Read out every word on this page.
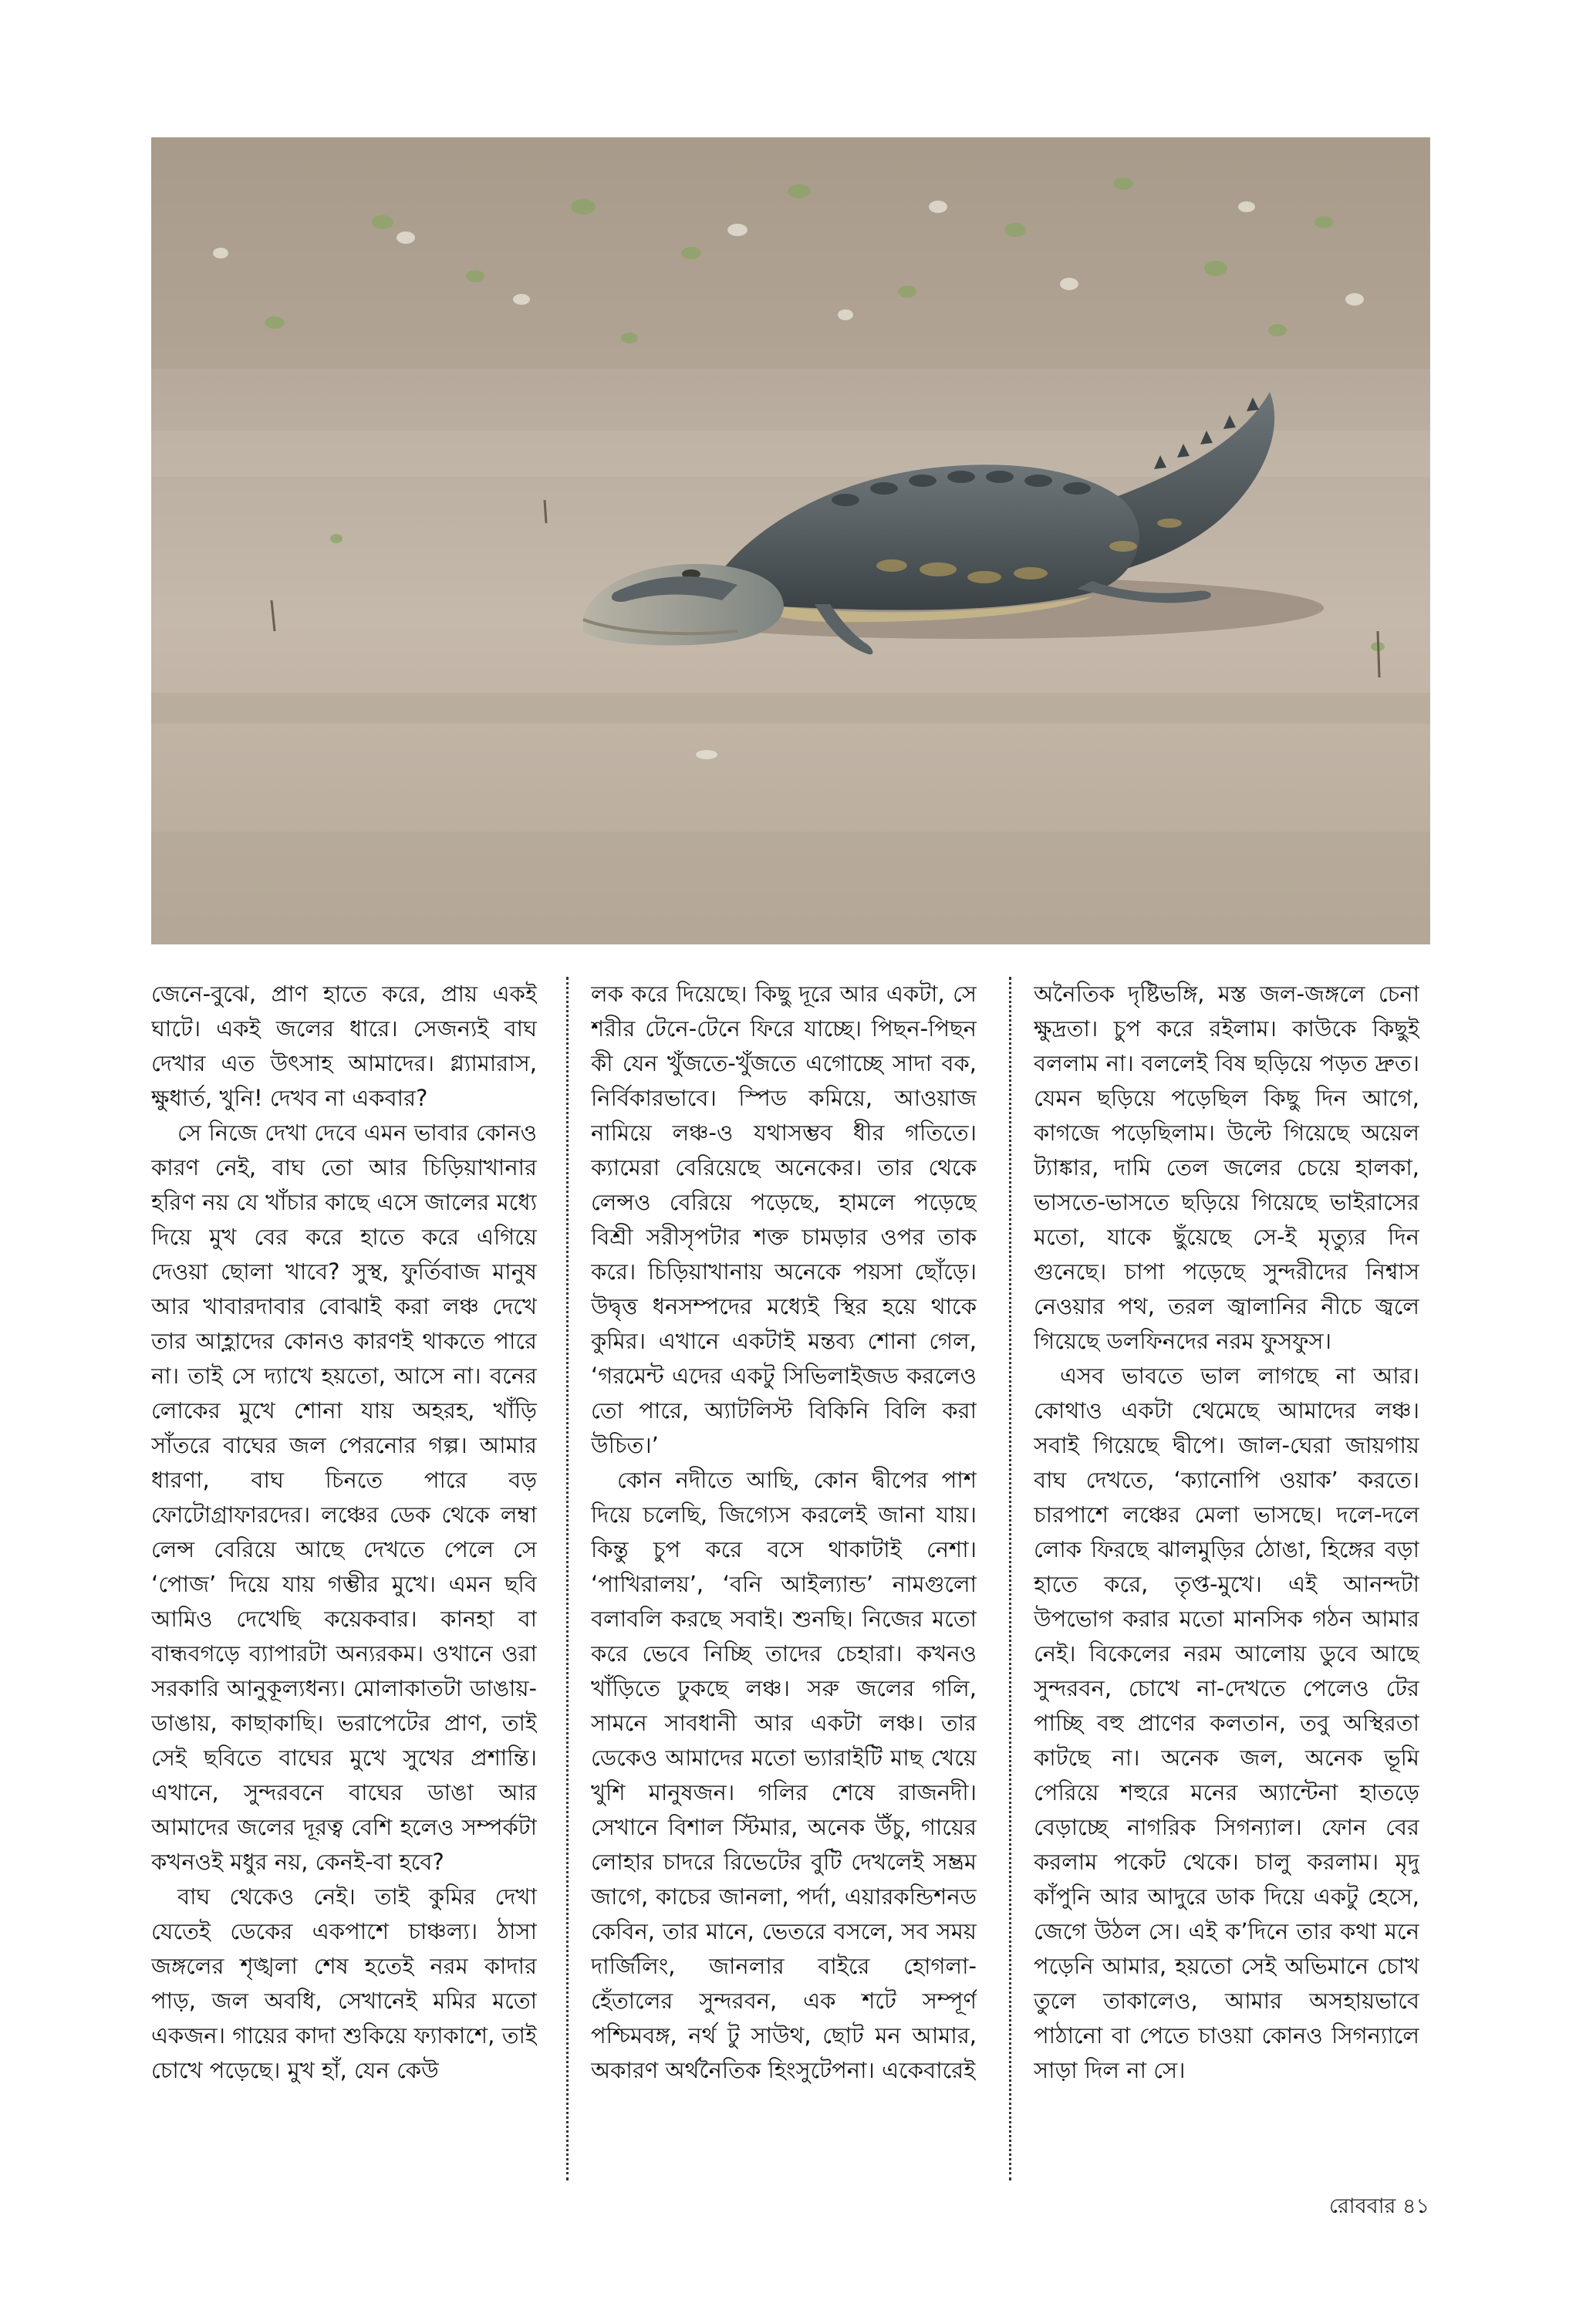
জেনে-বুঝে, প্রাণ হাতে করে, প্রায় একই ঘাটে। একই জলের ধারে। সেজন্যই বাঘ দেখার এত উৎসাহ আমাদের। গ্ল্যামারাস, ক্ষুধার্ত, খুনি! দেখব না একবার?

সে নিজে দেখা দেবে এমন ভাবার কোনও কারণ নেই, বাঘ তো আর চিড়িয়াখানার হরিণ নয় যে খাঁচার কাছে এসে জালের মধ্যে দিয়ে মুখ বের করে হাতে করে এগিয়ে দেওয়া ছোলা খাবে? সুস্থ, ফুর্তিবাজ মানুষ আর খাবারদাবার বোঝাই করা লঞ্চ দেখে তার আহ্লাদের কোনও কারণই থাকতে পারে না। তাই সে দ্যাখে হয়তো, আসে না। বনের লোকের মুখে শোনা যায় অহরহ, খাঁড়ি সাঁতরে বাঘের জল পেরনোর গল্প। আমার ধারণা, বাঘ চিনতে পারে বড় ফোটোগ্রাফারদের। লঞ্চের ডেক থেকে লম্বা লেন্স বেরিয়ে আছে দেখতে পেলে সে ‘পোজ’ দিয়ে যায় গম্ভীর মুখে। এমন ছবি আমিও দেখেছি কয়েকবার। কানহা বা বান্ধবগড়ে ব্যাপারটা অন্যরকম। ওখানে ওরা সরকারি আনুকূল্যধন্য। মোলাকাতটা ডাঙায়-ডাঙায়, কাছাকাছি। ভরাপেটের প্রাণ, তাই সেই ছবিতে বাঘের মুখে সুখের প্রশান্তি। এখানে, সুন্দরবনে বাঘের ডাঙা আর আমাদের জলের দূরত্ব বেশি হলেও সম্পর্কটা কখনওই মধুর নয়, কেনই-বা হবে?

বাঘ থেকেও নেই। তাই কুমির দেখা যেতেই ডেকের একপাশে চাঞ্চল্য। ঠাসা জঙ্গলের শৃঙ্খলা শেষ হতেই নরম কাদার পাড়, জল অবধি, সেখানেই মমির মতো একজন। গায়ের কাদা শুকিয়ে ফ্যাকাশে, তাই চোখে পড়েছে। মুখ হাঁ, যেন কেউ

লক করে দিয়েছে। কিছু দূরে আর একটা, সে শরীর টেনে-টেনে ফিরে যাচ্ছে। পিছন-পিছন কী যেন খুঁজতে-খুঁজতে এগোচ্ছে সাদা বক, নির্বিকারভাবে। স্পিড কমিয়ে, আওয়াজ নামিয়ে লঞ্চ-ও যথাসম্ভব ধীর গতিতে। ক্যামেরা বেরিয়েছে অনেকের। তার থেকে লেন্সও বেরিয়ে পড়েছে, হামলে পড়েছে বিশ্রী সরীসৃপটার শক্ত চামড়ার ওপর তাক করে। চিড়িয়াখানায় অনেকে পয়সা ছোঁড়ে। উদ্বৃত্ত ধনসম্পদের মধ্যেই স্থির হয়ে থাকে কুমির। এখানে একটাই মন্তব্য শোনা গেল, ‘গরমেন্ট এদের একটু সিভিলাইজড করলেও তো পারে, অ্যাটলিস্ট বিকিনি বিলি করা উচিত।’

কোন নদীতে আছি, কোন দ্বীপের পাশ দিয়ে চলেছি, জিগ্যেস করলেই জানা যায়। কিন্তু চুপ করে বসে থাকাটাই নেশা। ‘পাখিরালয়’, ‘বনি আইল্যান্ড’ নামগুলো বলাবলি করছে সবাই। শুনছি। নিজের মতো করে ভেবে নিচ্ছি তাদের চেহারা। কখনও খাঁড়িতে ঢুকছে লঞ্চ। সরু জলের গলি, সামনে সাবধানী আর একটা লঞ্চ। তার ডেকেও আমাদের মতো ভ্যারাইটি মাছ খেয়ে খুশি মানুষজন। গলির শেষে রাজনদী। সেখানে বিশাল স্টিমার, অনেক উঁচু, গায়ের লোহার চাদরে রিভেটের বুটি দেখলেই সম্ভ্রম জাগে, কাচের জানলা, পর্দা, এয়ারকন্ডিশনড কেবিন, তার মানে, ভেতরে বসলে, সব সময় দার্জিলিং, জানলার বাইরে হোগলা-হেঁতালের সুন্দরবন, এক শটে সম্পূর্ণ পশ্চিমবঙ্গ, নর্থ টু সাউথ, ছোট মন আমার, অকারণ অর্থনৈতিক হিংসুটেপনা। একেবারেই

অনৈতিক দৃষ্টিভঙ্গি, মস্ত জল-জঙ্গলে চেনা ক্ষুদ্রতা। চুপ করে রইলাম। কাউকে কিছুই বললাম না। বললেই বিষ ছড়িয়ে পড়ত দ্রুত। যেমন ছড়িয়ে পড়েছিল কিছু দিন আগে, কাগজে পড়েছিলাম। উল্টে গিয়েছে অয়েল ট্যাঙ্কার, দামি তেল জলের চেয়ে হালকা, ভাসতে-ভাসতে ছড়িয়ে গিয়েছে ভাইরাসের মতো, যাকে ছুঁয়েছে সে-ই মৃত্যুর দিন গুনেছে। চাপা পড়েছে সুন্দরীদের নিশ্বাস নেওয়ার পথ, তরল জ্বালানির নীচে জ্বলে গিয়েছে ডলফিনদের নরম ফুসফুস।

এসব ভাবতে ভাল লাগছে না আর। কোথাও একটা থেমেছে আমাদের লঞ্চ। সবাই গিয়েছে দ্বীপে। জাল-ঘেরা জায়গায় বাঘ দেখতে, ‘ক্যানোপি ওয়াক’ করতে। চারপাশে লঞ্চের মেলা ভাসছে। দলে-দলে লোক ফিরছে ঝালমুড়ির ঠোঙা, হিঙ্গের বড়া হাতে করে, তৃপ্ত-মুখে। এই আনন্দটা উপভোগ করার মতো মানসিক গঠন আমার নেই। বিকেলের নরম আলোয় ডুবে আছে সুন্দরবন, চোখে না-দেখতে পেলেও টের পাচ্ছি বহু প্রাণের কলতান, তবু অস্থিরতা কাটছে না। অনেক জল, অনেক ভূমি পেরিয়ে শহুরে মনের অ্যান্টেনা হাতড়ে বেড়াচ্ছে নাগরিক সিগন্যাল। ফোন বের করলাম পকেট থেকে। চালু করলাম। মৃদু কাঁপুনি আর আদুরে ডাক দিয়ে একটু হেসে, জেগে উঠল সে। এই ক’দিনে তার কথা মনে পড়েনি আমার, হয়তো সেই অভিমানে চোখ তুলে তাকালেও, আমার অসহায়ভাবে পাঠানো বা পেতে চাওয়া কোনও সিগন্যালে সাড়া দিল না সে।

রোববার ৪১
